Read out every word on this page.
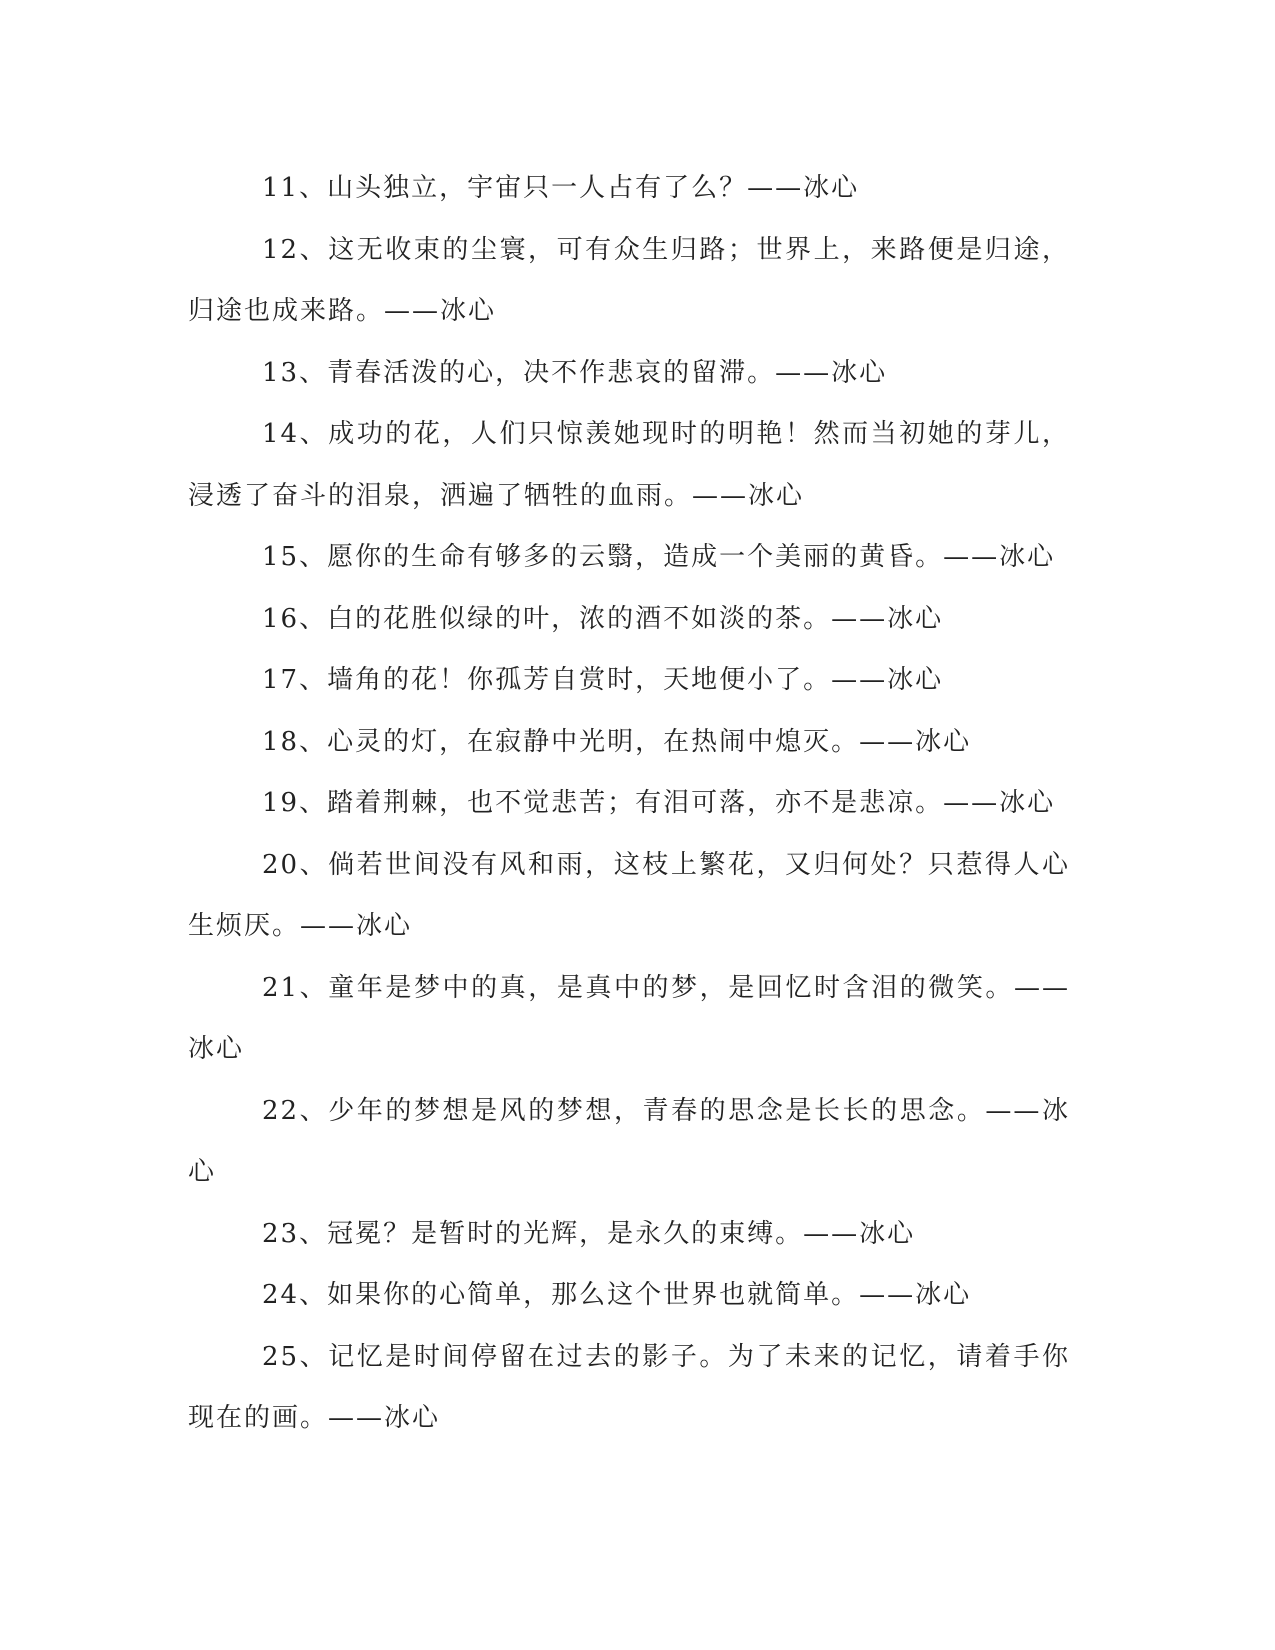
11、山头独立，宇宙只一人占有了么？——冰心

12、这无收束的尘寰，可有众生归路；世界上，来路便是归途，归途也成来路。——冰心

13、青春活泼的心，决不作悲哀的留滞。——冰心

14、成功的花，人们只惊羡她现时的明艳！然而当初她的芽儿，浸透了奋斗的泪泉，洒遍了牺牲的血雨。——冰心

15、愿你的生命有够多的云翳，造成一个美丽的黄昏。——冰心

16、白的花胜似绿的叶，浓的酒不如淡的茶。——冰心

17、墙角的花！你孤芳自赏时，天地便小了。——冰心

18、心灵的灯，在寂静中光明，在热闹中熄灭。——冰心

19、踏着荆棘，也不觉悲苦；有泪可落，亦不是悲凉。——冰心

20、倘若世间没有风和雨，这枝上繁花，又归何处？只惹得人心生烦厌。——冰心

21、童年是梦中的真，是真中的梦，是回忆时含泪的微笑。——冰心

22、少年的梦想是风的梦想，青春的思念是长长的思念。——冰心

23、冠冕？是暂时的光辉，是永久的束缚。——冰心

24、如果你的心简单，那么这个世界也就简单。——冰心

25、记忆是时间停留在过去的影子。为了未来的记忆，请着手你现在的画。——冰心
